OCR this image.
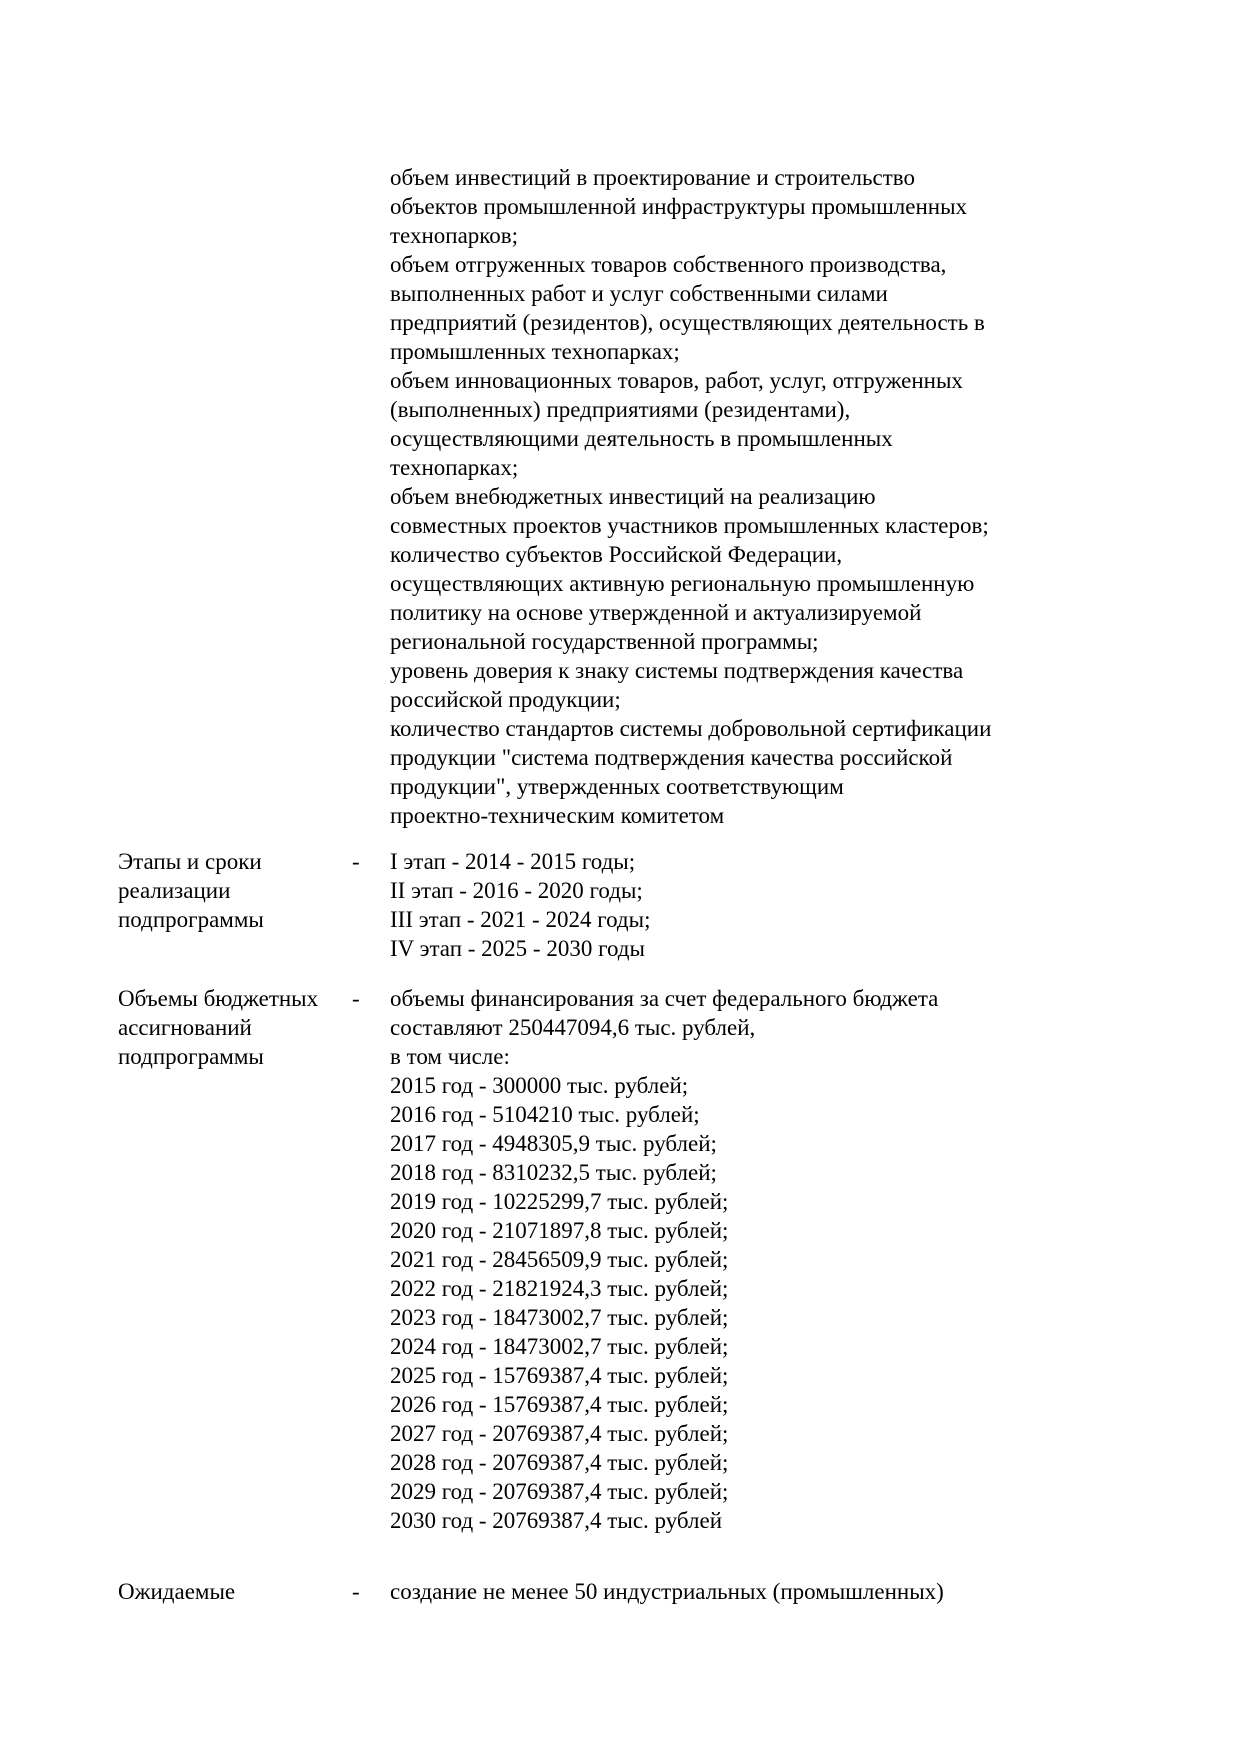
объем инвестиций в проектирование и строительство
объектов промышленной инфраструктуры промышленных
технопарков;
объем отгруженных товаров собственного производства,
выполненных работ и услуг собственными силами
предприятий (резидентов), осуществляющих деятельность в
промышленных технопарках;
объем инновационных товаров, работ, услуг, отгруженных
(выполненных) предприятиями (резидентами),
осуществляющими деятельность в промышленных
технопарках;
объем внебюджетных инвестиций на реализацию
совместных проектов участников промышленных кластеров;
количество субъектов Российской Федерации,
осуществляющих активную региональную промышленную
политику на основе утвержденной и актуализируемой
региональной государственной программы;
уровень доверия к знаку системы подтверждения качества
российской продукции;
количество стандартов системы добровольной сертификации
продукции "система подтверждения качества российской
продукции", утвержденных соответствующим
проектно-техническим комитетом
Этапы и сроки
реализации
подпрограммы
- I этап - 2014 - 2015 годы;
II этап - 2016 - 2020 годы;
III этап - 2021 - 2024 годы;
IV этап - 2025 - 2030 годы
Объемы бюджетных
ассигнований
подпрограммы
- объемы финансирования за счет федерального бюджета
составляют 250447094,6 тыс. рублей,
в том числе:
2015 год - 300000 тыс. рублей;
2016 год - 5104210 тыс. рублей;
2017 год - 4948305,9 тыс. рублей;
2018 год - 8310232,5 тыс. рублей;
2019 год - 10225299,7 тыс. рублей;
2020 год - 21071897,8 тыс. рублей;
2021 год - 28456509,9 тыс. рублей;
2022 год - 21821924,3 тыс. рублей;
2023 год - 18473002,7 тыс. рублей;
2024 год - 18473002,7 тыс. рублей;
2025 год - 15769387,4 тыс. рублей;
2026 год - 15769387,4 тыс. рублей;
2027 год - 20769387,4 тыс. рублей;
2028 год - 20769387,4 тыс. рублей;
2029 год - 20769387,4 тыс. рублей;
2030 год - 20769387,4 тыс. рублей
Ожидаемые	- создание не менее 50 индустриальных (промышленных)
